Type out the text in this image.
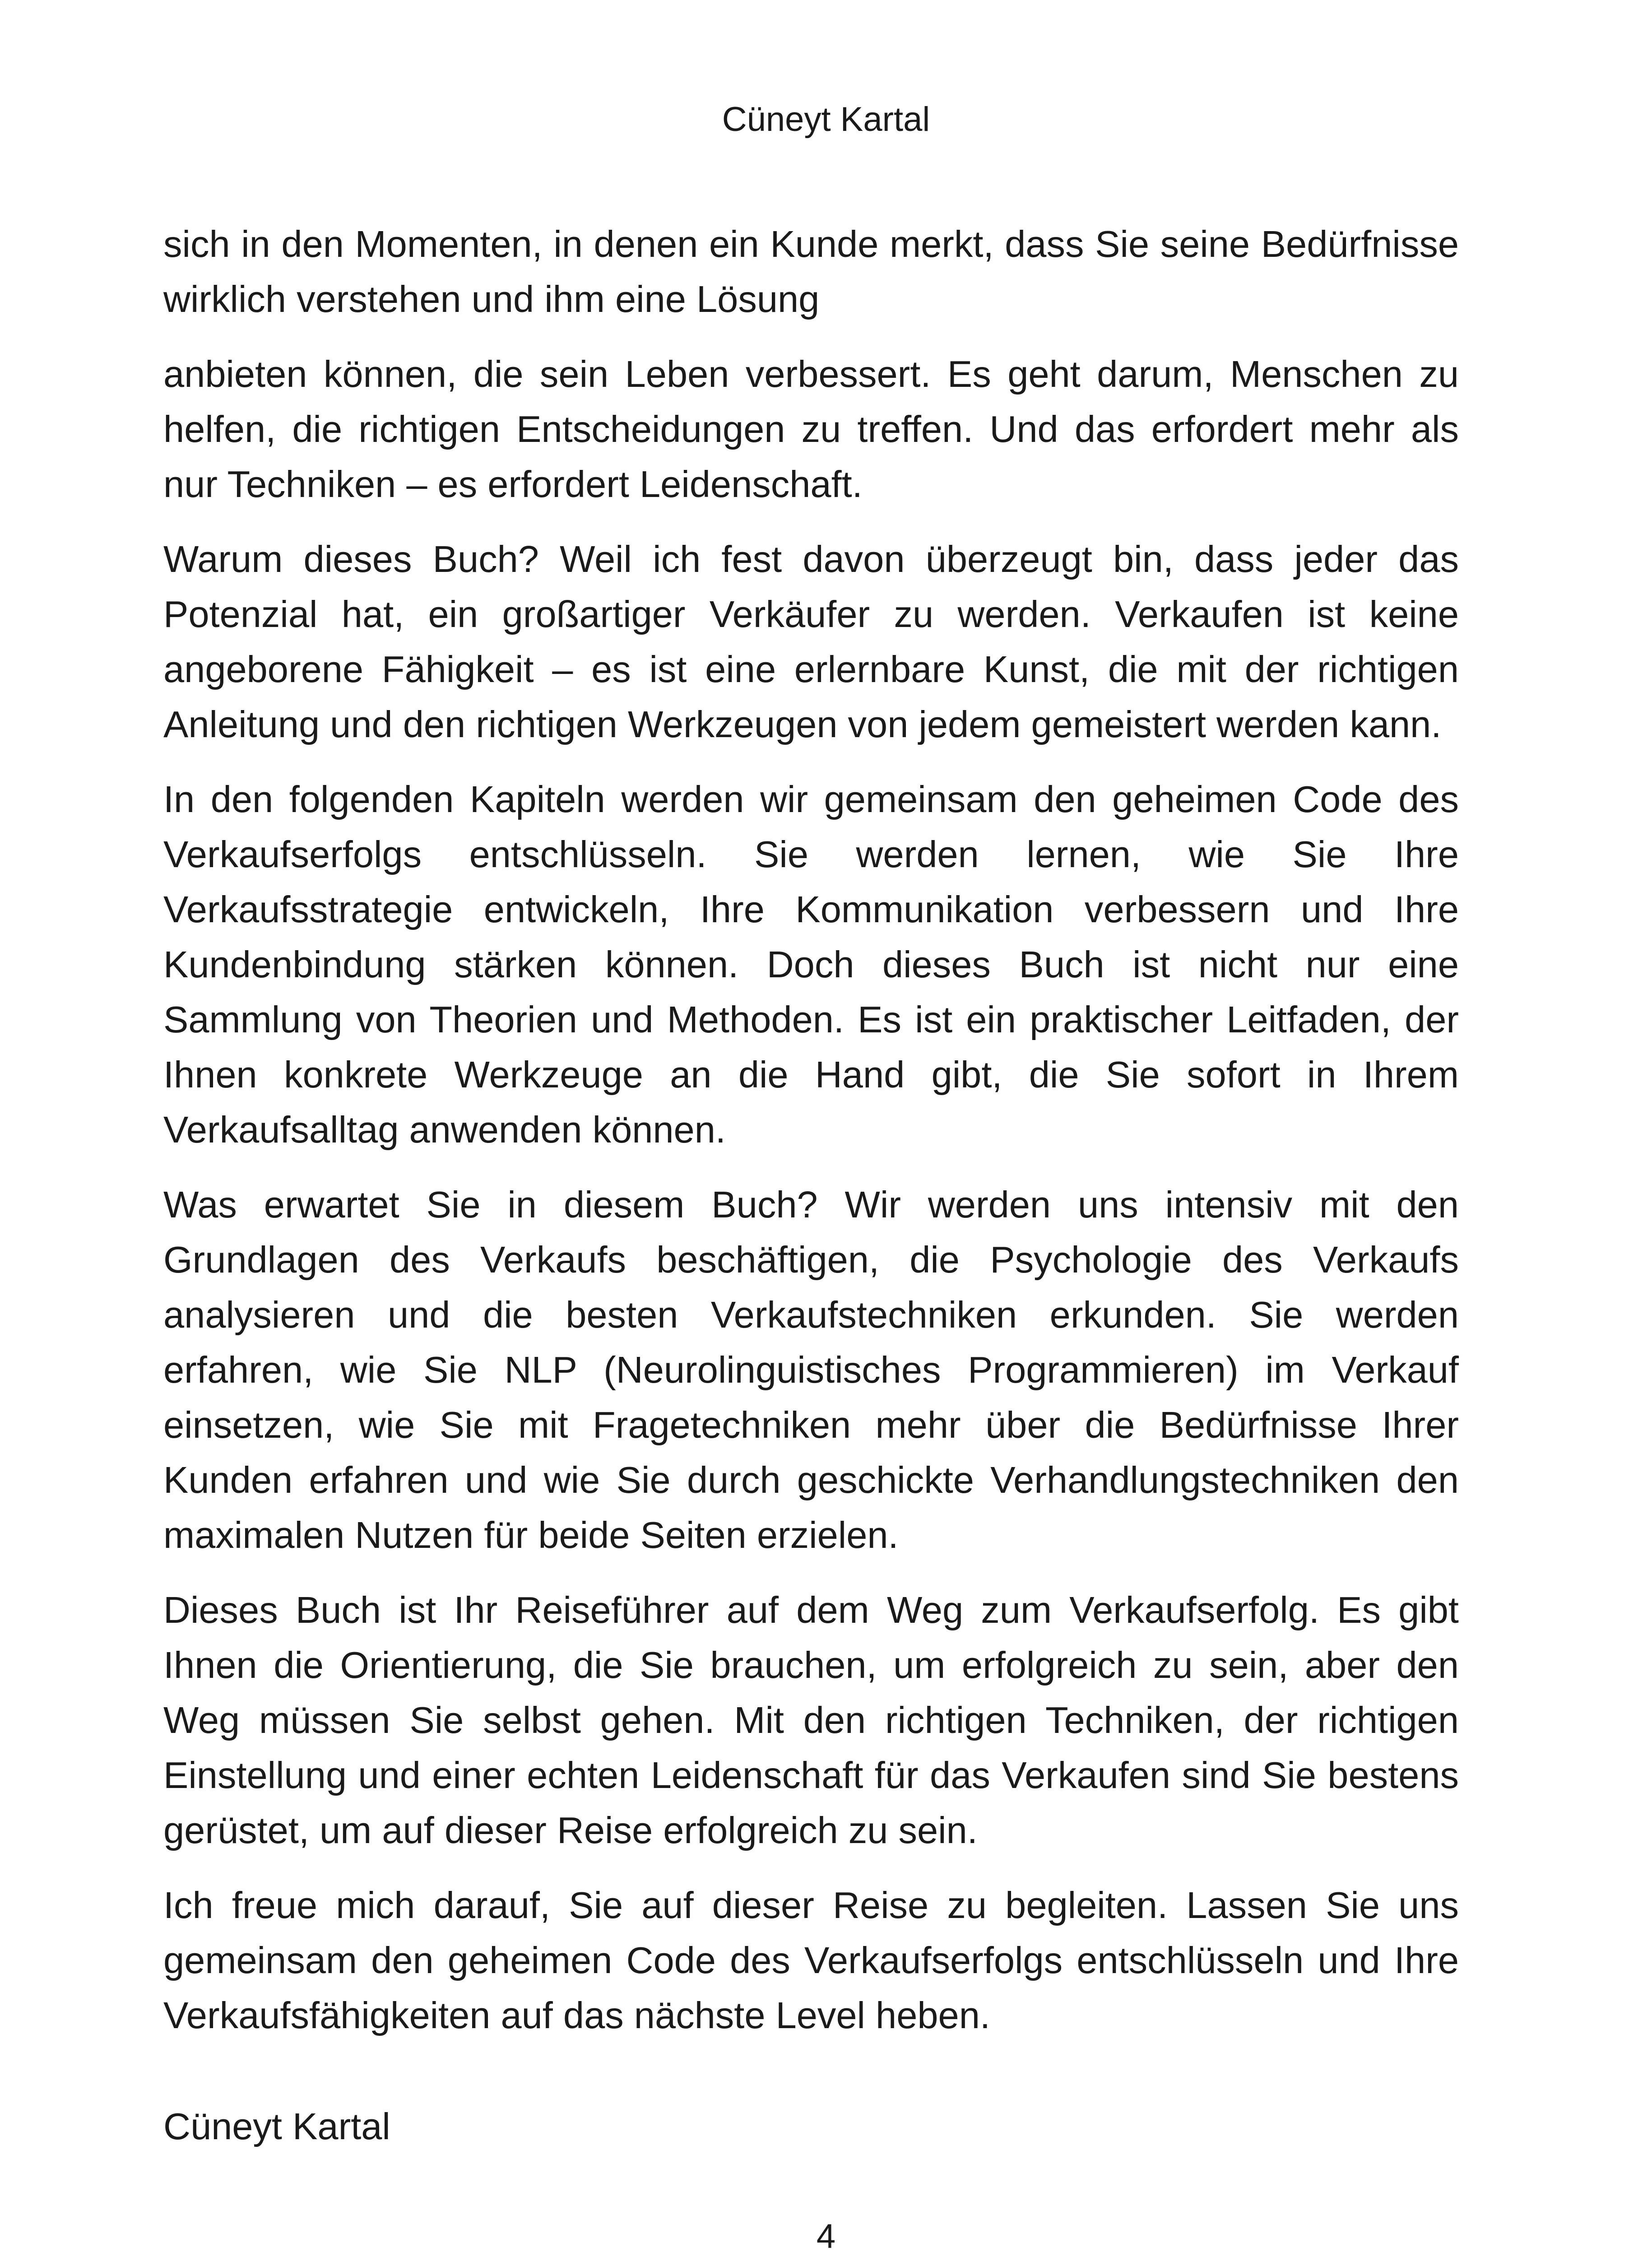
Cüneyt Kartal

sich in den Momenten, in denen ein Kunde merkt, dass Sie seine Bedürfnisse wirklich verstehen und ihm eine Lösung

anbieten können, die sein Leben verbessert. Es geht darum, Menschen zu helfen, die richtigen Entscheidungen zu treffen. Und das erfordert mehr als nur Techniken – es erfordert Leidenschaft.

Warum dieses Buch? Weil ich fest davon überzeugt bin, dass jeder das Potenzial hat, ein großartiger Verkäufer zu werden. Verkaufen ist keine angeborene Fähigkeit – es ist eine erlernbare Kunst, die mit der richtigen Anleitung und den richtigen Werkzeugen von jedem gemeistert werden kann.

In den folgenden Kapiteln werden wir gemeinsam den geheimen Code des Verkaufserfolgs entschlüsseln. Sie werden lernen, wie Sie Ihre Verkaufsstrategie entwickeln, Ihre Kommunikation verbessern und Ihre Kundenbindung stärken können. Doch dieses Buch ist nicht nur eine Sammlung von Theorien und Methoden. Es ist ein praktischer Leitfaden, der Ihnen konkrete Werkzeuge an die Hand gibt, die Sie sofort in Ihrem Verkaufsalltag anwenden können.

Was erwartet Sie in diesem Buch? Wir werden uns intensiv mit den Grundlagen des Verkaufs beschäftigen, die Psychologie des Verkaufs analysieren und die besten Verkaufstechniken erkunden. Sie werden erfahren, wie Sie NLP (Neurolinguistisches Programmieren) im Verkauf einsetzen, wie Sie mit Fragetechniken mehr über die Bedürfnisse Ihrer Kunden erfahren und wie Sie durch geschickte Verhandlungstechniken den maximalen Nutzen für beide Seiten erzielen.

Dieses Buch ist Ihr Reiseführer auf dem Weg zum Verkaufserfolg. Es gibt Ihnen die Orientierung, die Sie brauchen, um erfolgreich zu sein, aber den Weg müssen Sie selbst gehen. Mit den richtigen Techniken, der richtigen Einstellung und einer echten Leidenschaft für das Verkaufen sind Sie bestens gerüstet, um auf dieser Reise erfolgreich zu sein.

Ich freue mich darauf, Sie auf dieser Reise zu begleiten. Lassen Sie uns gemeinsam den geheimen Code des Verkaufserfolgs entschlüsseln und Ihre Verkaufsfähigkeiten auf das nächste Level heben.

Cüneyt Kartal
4
